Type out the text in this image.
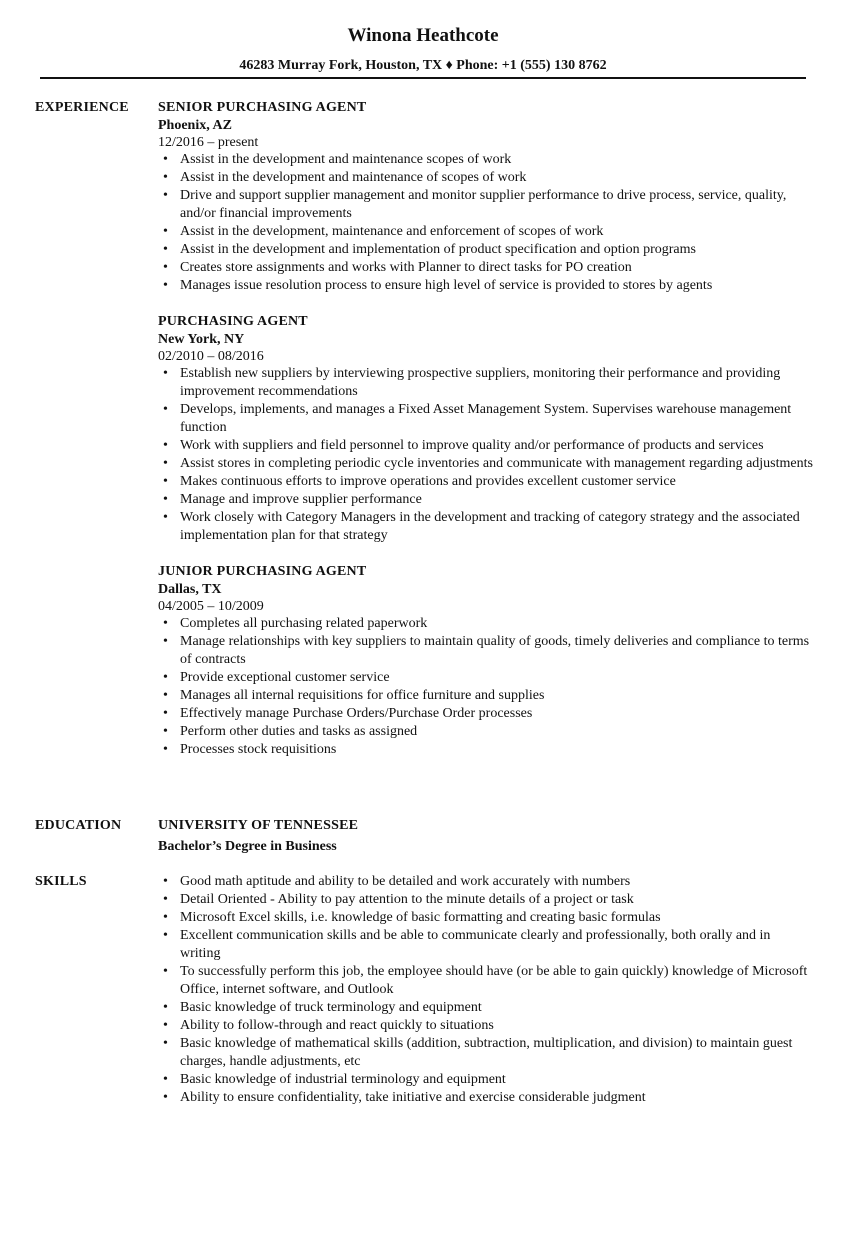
Winona Heathcote
46283 Murray Fork, Houston, TX ♦ Phone: +1 (555) 130 8762
EXPERIENCE SENIOR PURCHASING AGENT
Phoenix, AZ
12/2016 – present
• Assist in the development and maintenance scopes of work
• Assist in the development and maintenance of scopes of work
• Drive and support supplier management and monitor supplier performance to drive process, service, quality, and/or financial improvements
• Assist in the development, maintenance and enforcement of scopes of work
• Assist in the development and implementation of product specification and option programs
• Creates store assignments and works with Planner to direct tasks for PO creation
• Manages issue resolution process to ensure high level of service is provided to stores by agents
PURCHASING AGENT
New York, NY
02/2010 – 08/2016
• Establish new suppliers by interviewing prospective suppliers, monitoring their performance and providing improvement recommendations
• Develops, implements, and manages a Fixed Asset Management System. Supervises warehouse management function
• Work with suppliers and field personnel to improve quality and/or performance of products and services
• Assist stores in completing periodic cycle inventories and communicate with management regarding adjustments
• Makes continuous efforts to improve operations and provides excellent customer service
• Manage and improve supplier performance
• Work closely with Category Managers in the development and tracking of category strategy and the associated implementation plan for that strategy
JUNIOR PURCHASING AGENT
Dallas, TX
04/2005 – 10/2009
• Completes all purchasing related paperwork
• Manage relationships with key suppliers to maintain quality of goods, timely deliveries and compliance to terms of contracts
• Provide exceptional customer service
• Manages all internal requisitions for office furniture and supplies
• Effectively manage Purchase Orders/Purchase Order processes
• Perform other duties and tasks as assigned
• Processes stock requisitions
EDUCATION	UNIVERSITY OF TENNESSEE
Bachelor’s Degree in Business
SKILLS
•	Good math aptitude and ability to be detailed and work accurately with numbers
• Detail Oriented - Ability to pay attention to the minute details of a project or task
• Microsoft Excel skills, i.e. knowledge of basic formatting and creating basic formulas
• Excellent communication skills and be able to communicate clearly and professionally, both orally and in writing
• To successfully perform this job, the employee should have (or be able to gain quickly) knowledge of Microsoft Office, internet software, and Outlook
• Basic knowledge of truck terminology and equipment
• Ability to follow-through and react quickly to situations
• Basic knowledge of mathematical skills (addition, subtraction, multiplication, and division) to maintain guest charges, handle adjustments, etc
• Basic knowledge of industrial terminology and equipment
• Ability to ensure confidentiality, take initiative and exercise considerable judgment
